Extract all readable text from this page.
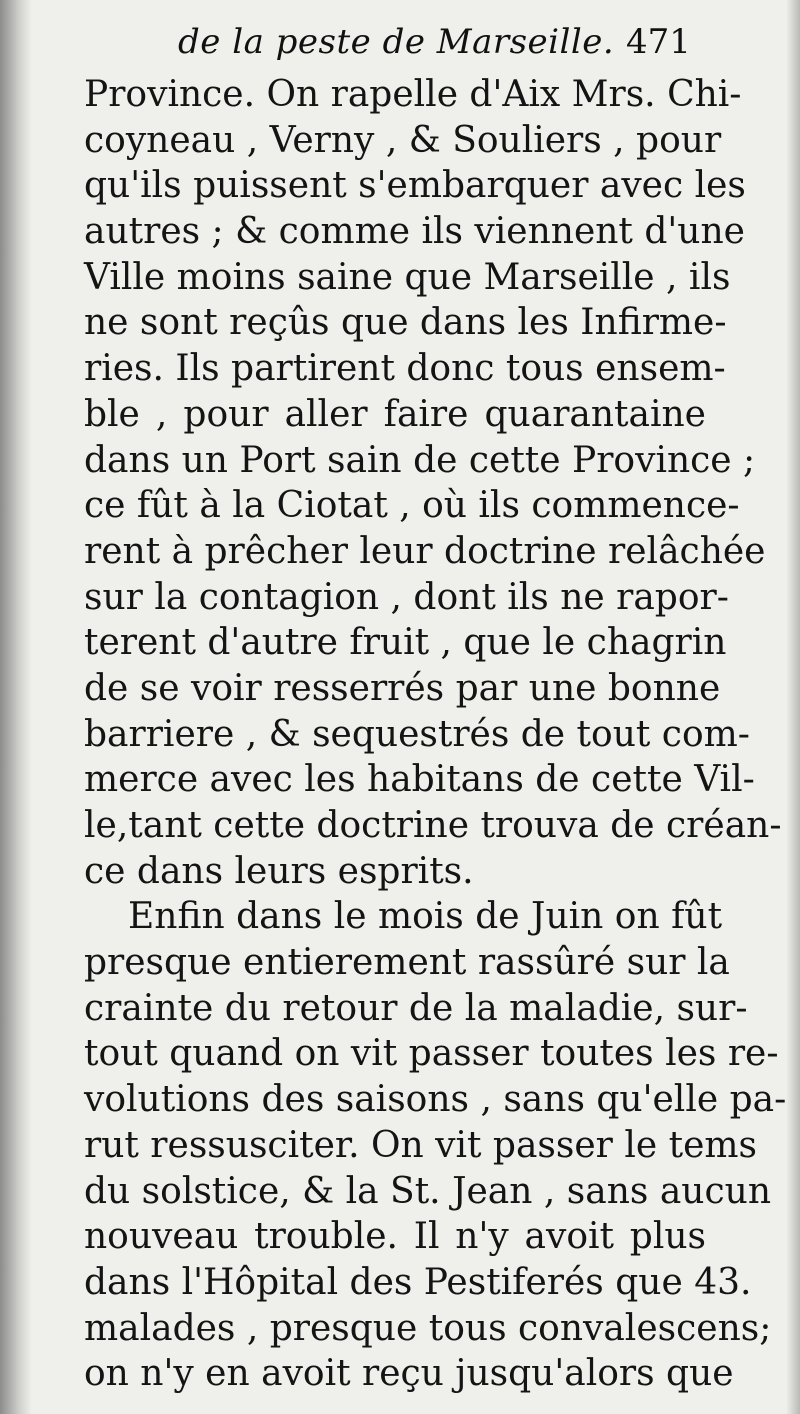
de la peste de Marseille. 471
Province. On rapelle d'Aix Mrs. Chi-
coyneau , Verny , & Souliers , pour
qu'ils puissent s'embarquer avec les
autres ; & comme ils viennent d'une
Ville moins saine que Marseille , ils
ne sont reçûs que dans les Infirme-
ries. Ils partirent donc tous ensem-
ble , pour aller faire quarantaine
dans un Port sain de cette Province ;
ce fût à la Ciotat , où ils commence-
rent à prêcher leur doctrine relâchée
sur la contagion , dont ils ne rapor-
terent d'autre fruit , que le chagrin
de se voir resserrés par une bonne
barriere , & sequestrés de tout com-
merce avec les habitans de cette Vil-
le,tant cette doctrine trouva de créan-
ce dans leurs esprits.
Enfin dans le mois de Juin on fût
presque entierement rassûré sur la
crainte du retour de la maladie, sur-
tout quand on vit passer toutes les re-
volutions des saisons , sans qu'elle pa-
rut ressusciter. On vit passer le tems
du solstice, & la St. Jean , sans aucun
nouveau trouble. Il n'y avoit plus
dans l'Hôpital des Pestiferés que 43.
malades , presque tous convalescens;
on n'y en avoit reçu jusqu'alors que
